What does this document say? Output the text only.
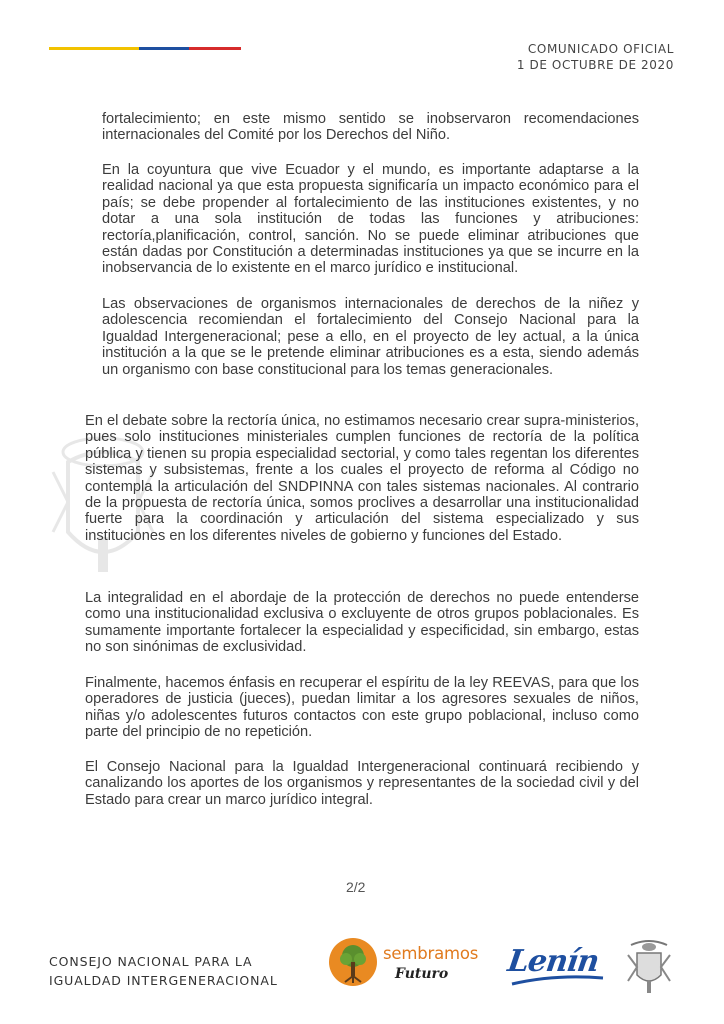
COMUNICADO OFICIAL
1 DE OCTUBRE DE 2020

fortalecimiento; en este mismo sentido se inobservaron recomendaciones internacionales del Comité por los Derechos del Niño.

En la coyuntura que vive Ecuador y el mundo, es importante adaptarse a la realidad nacional ya que esta propuesta significaría un impacto económico para el país; se debe propender al fortalecimiento de las instituciones existentes, y no dotar a una sola institución de todas las funciones y atribuciones: rectoría,planificación, control, sanción. No se puede eliminar atribuciones que están dadas por Constitución a determinadas instituciones ya que se incurre en la inobservancia de lo existente en el marco jurídico e institucional.

Las observaciones de organismos internacionales de derechos de la niñez y adolescencia recomiendan el fortalecimiento del Consejo Nacional para la Igualdad Intergeneracional; pese a ello, en el proyecto de ley actual, a la única institución a la que se le pretende eliminar atribuciones es a esta, siendo además un organismo con base constitucional para los temas generacionales.

En el debate sobre la rectoría única, no estimamos necesario crear supra-ministerios, pues solo instituciones ministeriales cumplen funciones de rectoría de la política pública y tienen su propia especialidad sectorial, y como tales regentan los diferentes sistemas y subsistemas, frente a los cuales el proyecto de reforma al Código no contempla la articulación del SNDPINNA con tales sistemas nacionales. Al contrario de la propuesta de rectoría única, somos proclives a desarrollar una institucionalidad fuerte para la coordinación y articulación del sistema especializado y sus instituciones en los diferentes niveles de gobierno y funciones del Estado.

La integralidad en el abordaje de la protección de derechos no puede entenderse como una institucionalidad exclusiva o excluyente de otros grupos poblacionales. Es sumamente importante fortalecer la especialidad y especificidad, sin embargo, estas no son sinónimas de exclusividad.

Finalmente, hacemos énfasis en recuperar el espíritu de la ley REEVAS, para que los operadores de justicia (jueces), puedan limitar a los agresores sexuales de niños, niñas y/o adolescentes futuros contactos con este grupo poblacional, incluso como parte del principio de no repetición.

El Consejo Nacional para la Igualdad Intergeneracional continuará recibiendo y canalizando los aportes de los organismos y representantes de la sociedad civil y del Estado para crear un marco jurídico integral.

2/2
CONSEJO NACIONAL PARA LA
IGUALDAD INTERGENERACIONAL
sembramos
Futuro Lenín
